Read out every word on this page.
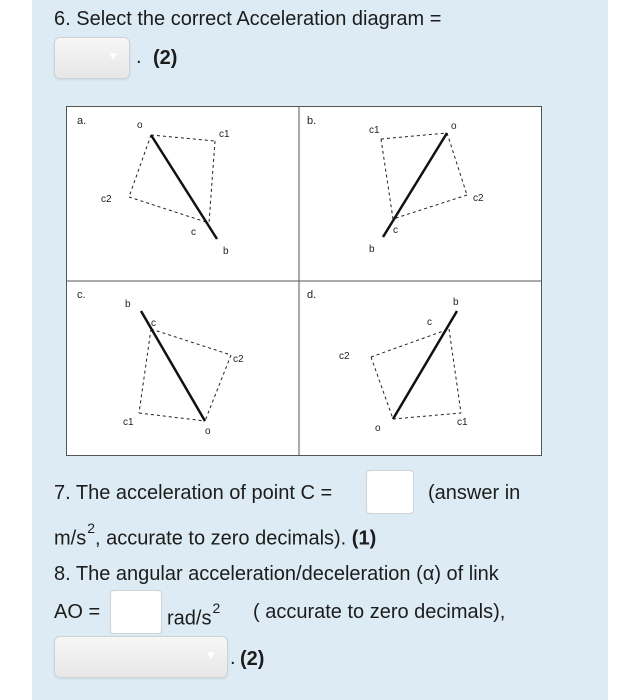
6. Select the correct Acceleration diagram =
▼ . (2)
a.	o
c1
c2
c
b
b.	o
c1
c2
c
b
c.
b
c
c2
c1
o
d.
b
c
c2
c1
o
7. The acceleration of point C =	(answer in
$m/s^2$, accurate to zero decimals). (1)
8. The angular acceleration/deceleration (α) of link
AO =	rad/$s^2$ ( accurate to zero decimals),
▼ . (2)
